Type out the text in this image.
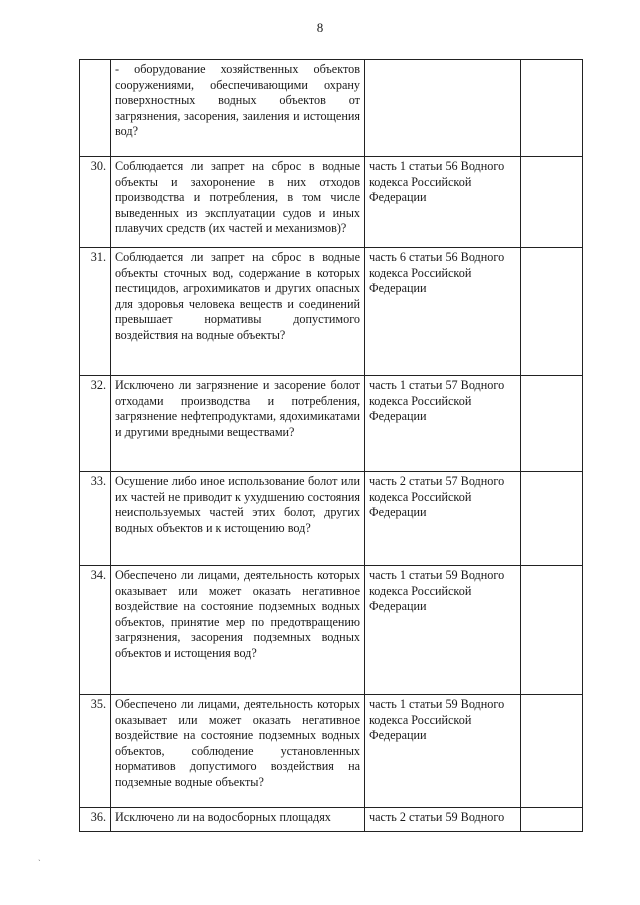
8
	- оборудование хозяйственных объектов сооружениями, обеспечивающими охрану поверхностных водных объектов от загрязнения, засорения, заиления и истощения вод?		
30.	Соблюдается ли запрет на сброс в водные объекты и захоронение в них отходов производства и потребления, в том числе выведенных из эксплуатации судов и иных плавучих средств (их частей и механизмов)?	часть 1 статьи 56 Водного кодекса Российской Федерации	
31.	Соблюдается ли запрет на сброс в водные объекты сточных вод, содержание в которых пестицидов, агрохимикатов и других опасных для здоровья человека веществ и соединений превышает нормативы допустимого воздействия на водные объекты?	часть 6 статьи 56 Водного кодекса Российской Федерации	
32.	Исключено ли загрязнение и засорение болот отходами производства и потребления, загрязнение нефтепродуктами, ядохимикатами и другими вредными веществами?	часть 1 статьи 57 Водного кодекса Российской Федерации	
33.	Осушение либо иное использование болот или их частей не приводит к ухудшению состояния неиспользуемых частей этих болот, других водных объектов и к истощению вод?	часть 2 статьи 57 Водного кодекса Российской Федерации	
34.	Обеспечено ли лицами, деятельность которых оказывает или может оказать негативное воздействие на состояние подземных водных объектов, принятие мер по предотвращению загрязнения, засорения подземных водных объектов и истощения вод?	часть 1 статьи 59 Водного кодекса Российской Федерации	
35.	Обеспечено ли лицами, деятельность которых оказывает или может оказать негативное воздействие на состояние подземных водных объектов, соблюдение установленных нормативов допустимого воздействия на подземные водные объекты?	часть 1 статьи 59 Водного кодекса Российской Федерации	
36.	Исключено ли на водосборных площадях	часть 2 статьи 59 Водного	
ˏ
